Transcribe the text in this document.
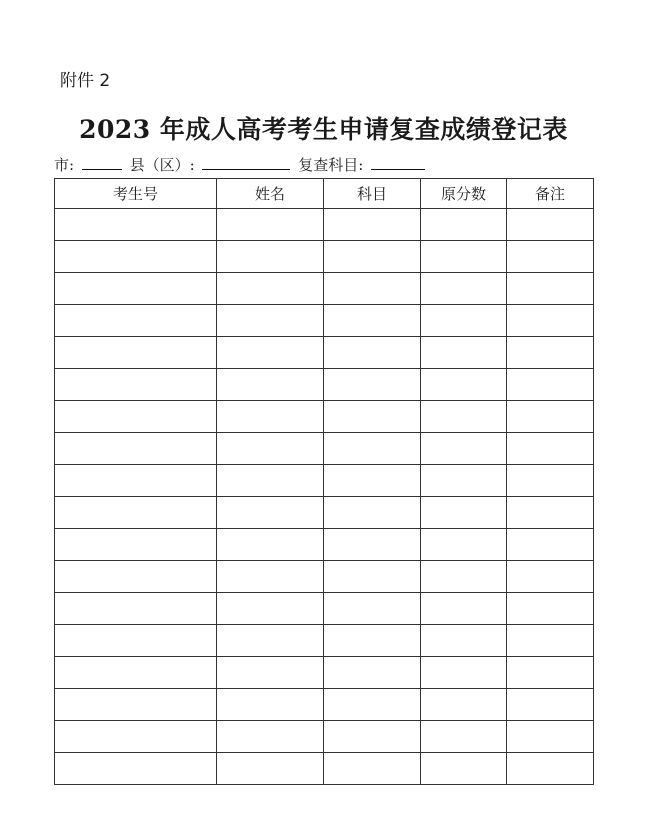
附件 2
2023 年成人高考考生申请复查成绩登记表
市:	县（区）:	复查科目:
考生号	姓名	科目	原分数	备注
